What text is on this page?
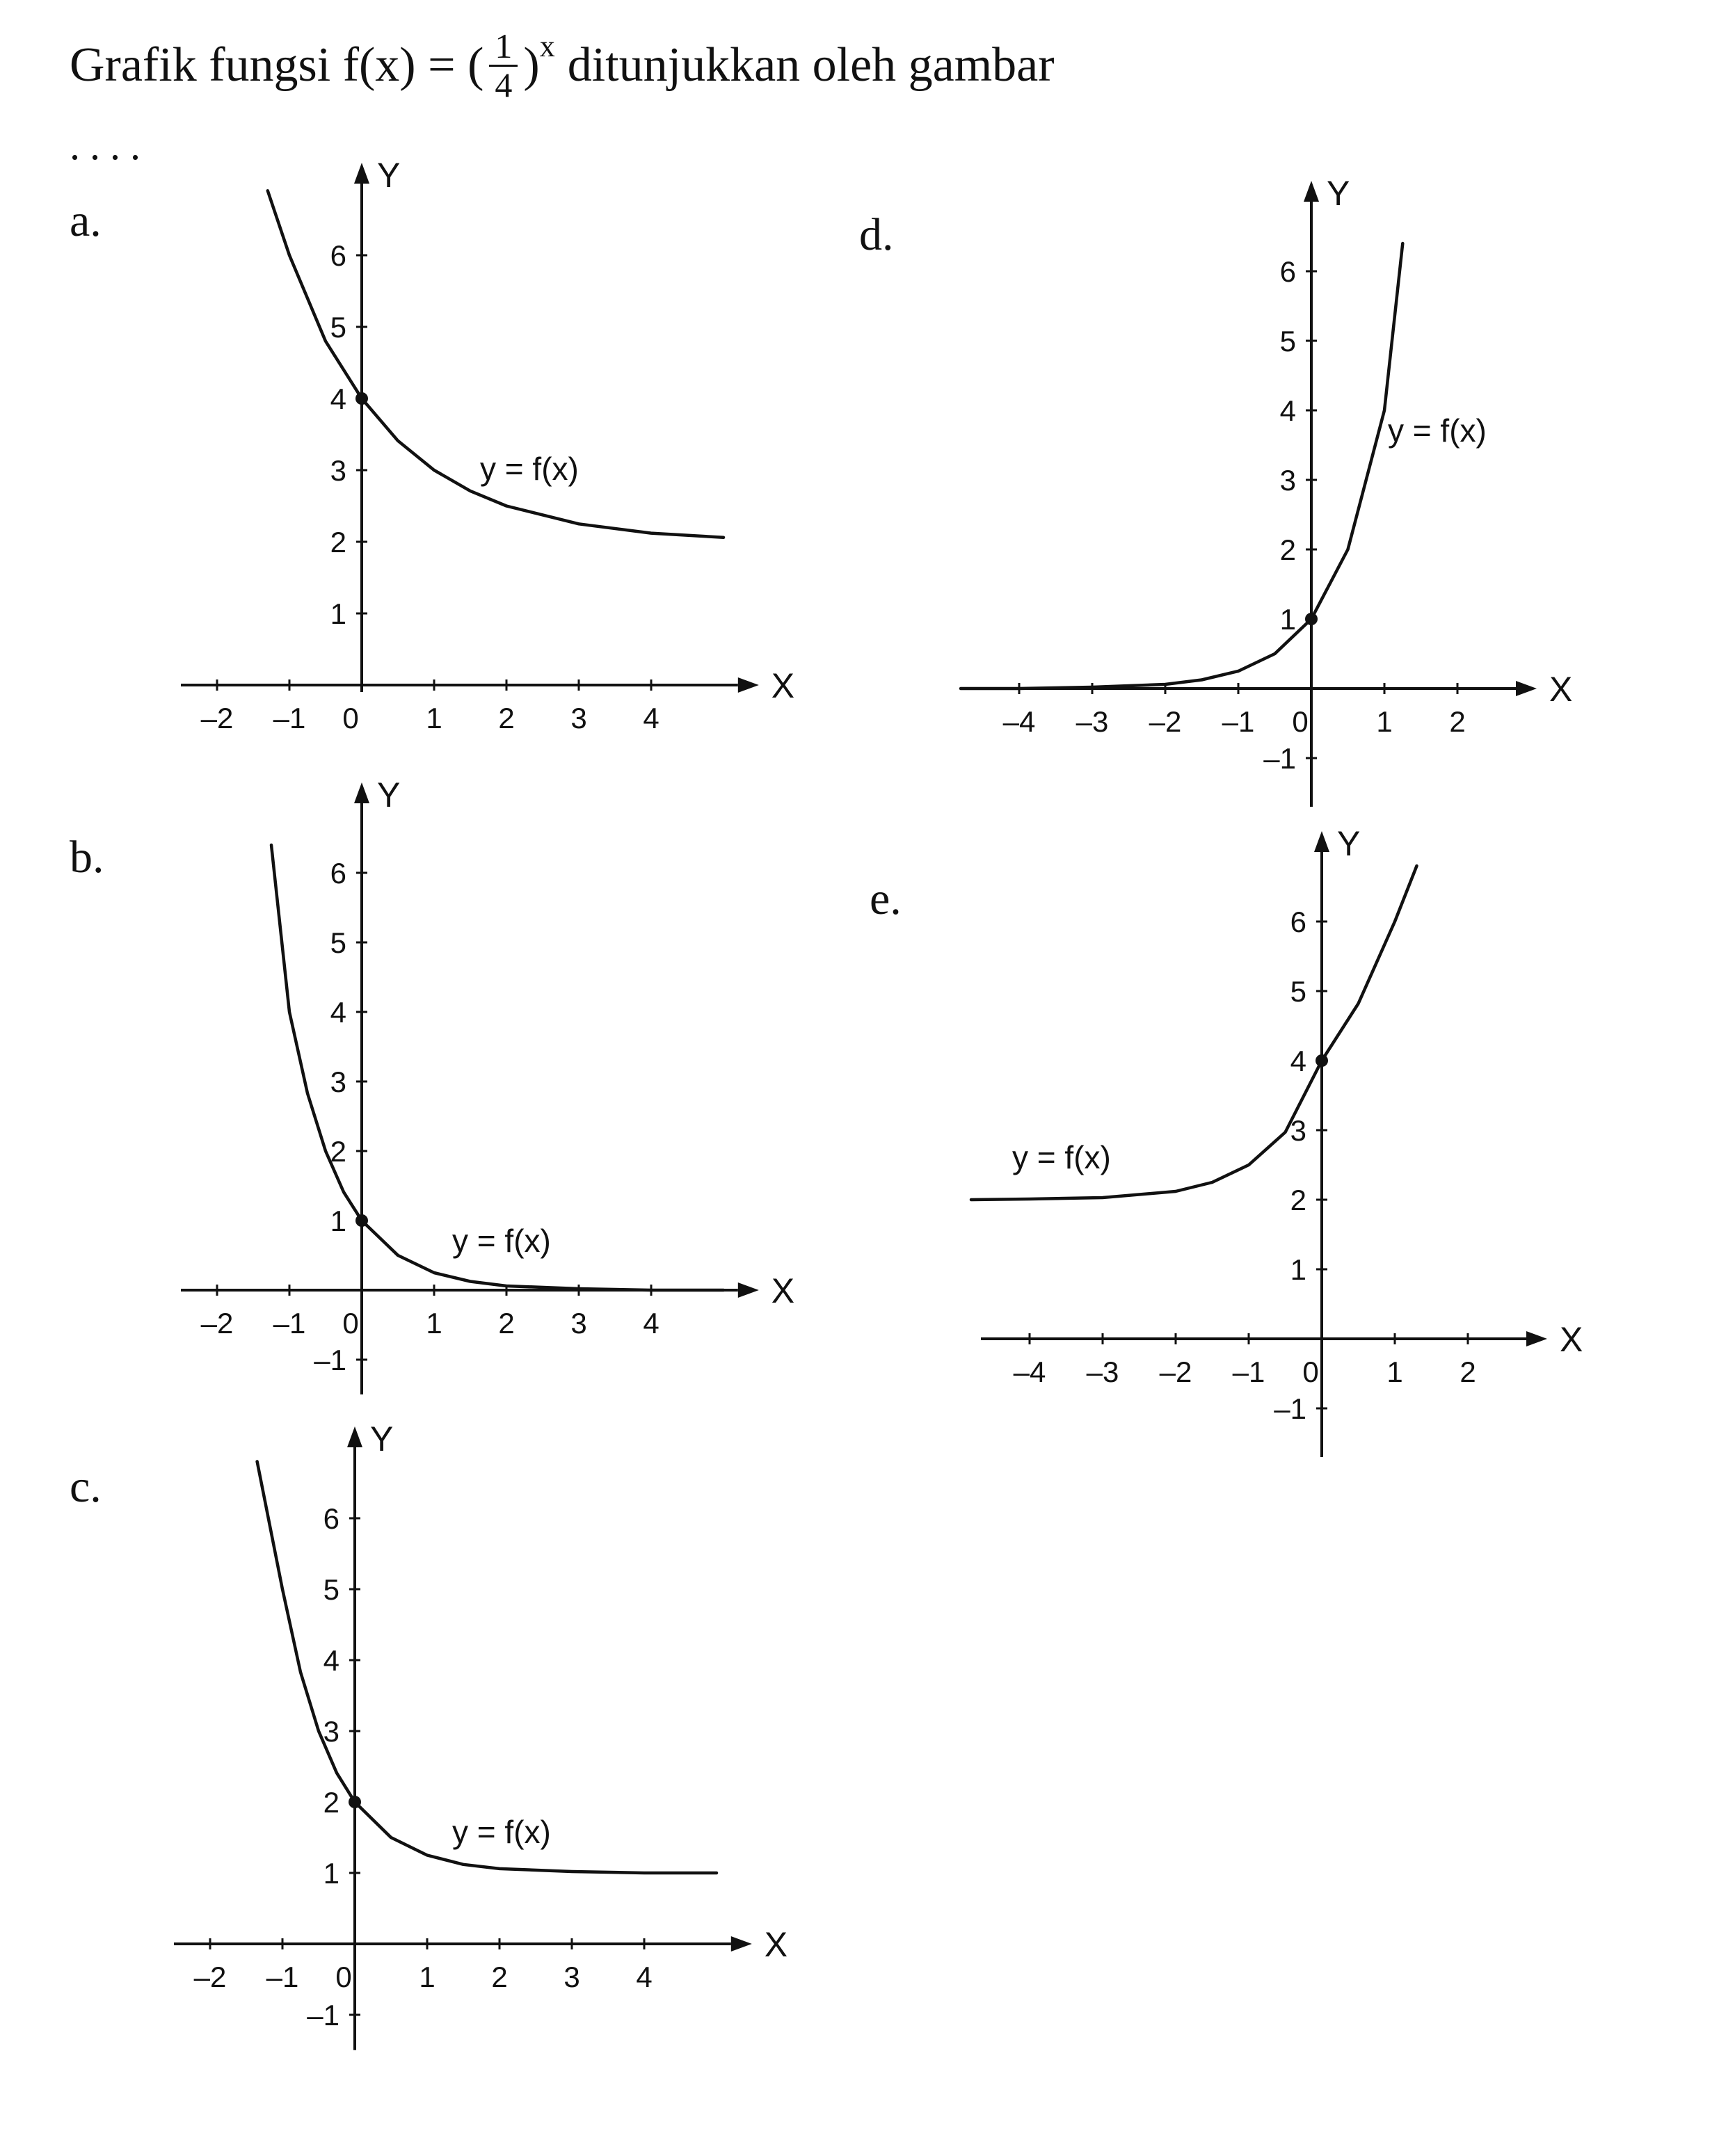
Grafik fungsi f(x) = ( $\frac{1}{4}$ ) x ditunjukkan oleh gambar
....
a.
b.
c.
d.
e.
X
Y
–2 –1 0 1 2 3 4
1
2
3
4
5
6
y = f(x)
X
Y
–2 –1 0 1 2 3 4
–1
1
2
3
4
5
6
y = f(x)
X
Y
–2 –1 0 1 2 3 4
–1
1
2
3
4
5
6
y = f(x)
X
Y
–4 –3 –2 –1 0 1 2
–1
1
2
3
4
5
6
y = f(x)
X
Y
–4 –3 –2 –1 0 1 2
–1
1
2
3
4
5
6
y = f(x)
